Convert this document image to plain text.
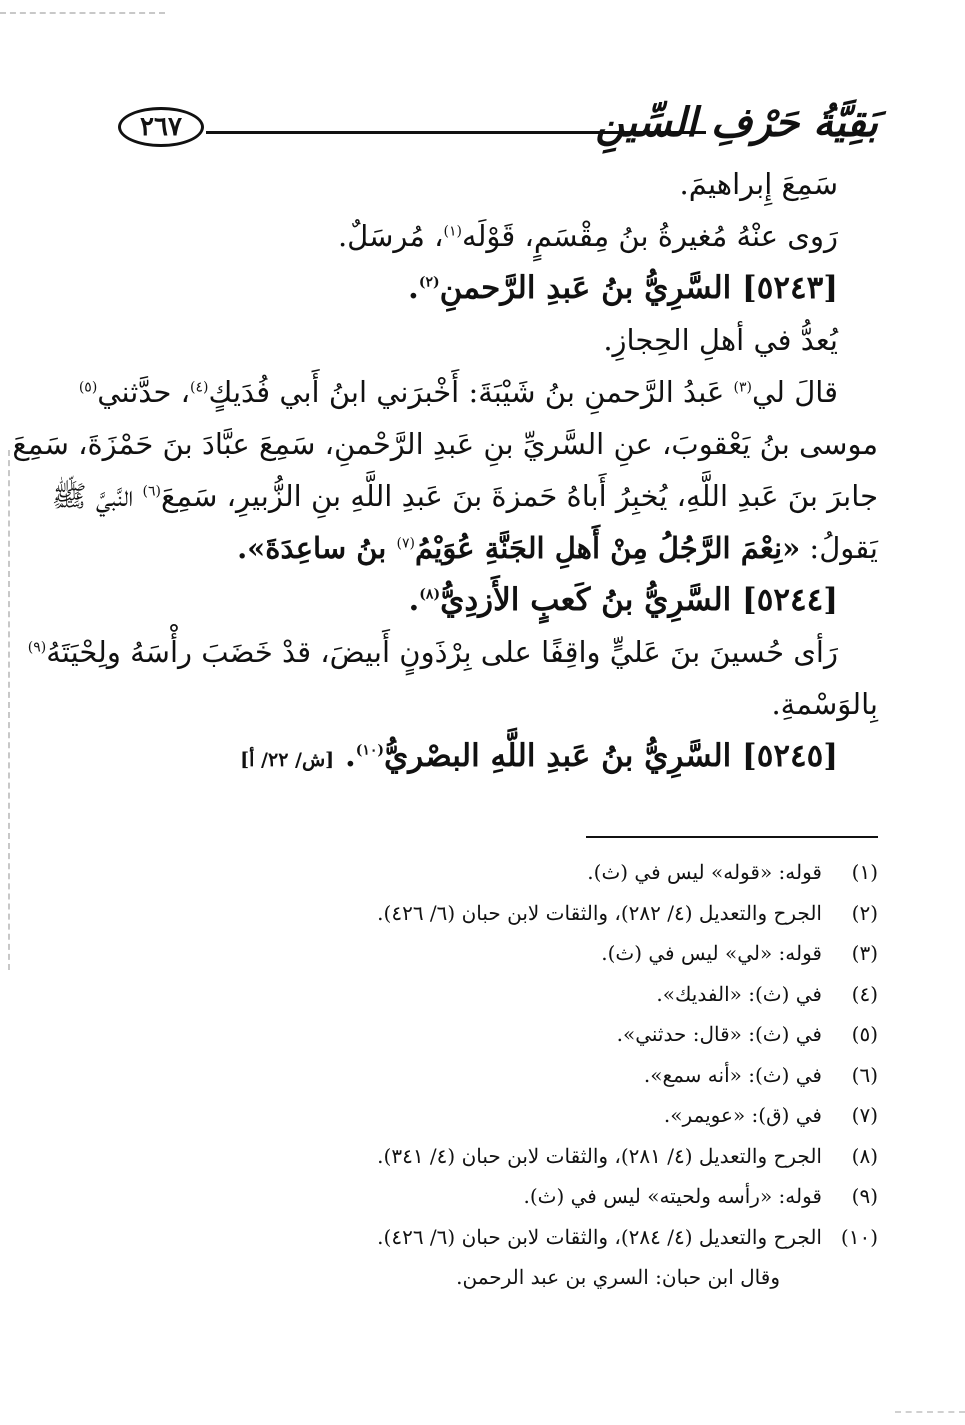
بَقِيَّةُ حَرْفِ السِّينِ
٢٦٧
سَمِعَ إِبراهيمَ.
رَوى عنْهُ مُغيرةُ بنُ مِقْسَمٍ، قَوْلَه$^{(١)}$، مُرسَلٌ.
[٥٢٤٣] السَّرِيُّ بنُ عَبدِ الرَّحمنِ$^{(٢)}$.
يُعدُّ في أهلِ الحِجازِ.
قالَ لي$^{(٣)}$ عَبدُ الرَّحمنِ بنُ شَيْبَةَ: أَخْبرَني ابنُ أَبي فُدَيكٍ$^{(٤)}$، حدَّثني$^{(٥)}$
موسى بنُ يَعْقوبَ، عنِ السَّريِّ بنِ عَبدِ الرَّحْمنِ، سَمِعَ عبَّادَ بنَ حَمْزَةَ، سَمِعَ
جابرَ بنَ عَبدِ اللَّهِ، يُخبِرُ أَباهُ حَمزةَ بنَ عَبدِ اللَّهِ بنِ الزُّبيرِ، سَمِعَ$^{(٦)}$ النَّبيَّ ﷺ
يَقولُ: «نِعْمَ الرَّجُلُ مِنْ أَهلِ الجَنَّةِ عُوَيْمُ$^{(٧)}$ بنُ ساعِدَةَ».
[٥٢٤٤] السَّرِيُّ بنُ كَعبٍ الأَزدِيُّ$^{(٨)}$.
رَأى حُسينَ بنَ عَليٍّ واقِفًا على بِرْذَونٍ أَبيضَ، قدْ خَضَبَ رأْسَهُ ولِحْيَتَهُ$^{(٩)}$
بِالوَسْمةِ.
[٥٢٤٥] السَّرِيُّ بنُ عَبدِ اللَّهِ البصْريُّ$^{(١٠)}$. [ش/ ٢٢/ أ]
(١)قوله: «قوله» ليس في (ث).
(٢)الجرح والتعديل (٤/ ٢٨٢)، والثقات لابن حبان (٦/ ٤٢٦).
(٣)قوله: «لي» ليس في (ث).
(٤)في (ث): «الفديك».
(٥)في (ث): «قال: حدثني».
(٦)في (ث): «أنه سمع».
(٧)في (ق): «عويمر».
(٨)الجرح والتعديل (٤/ ٢٨١)، والثقات لابن حبان (٤/ ٣٤١).
(٩)قوله: «رأسه ولحيته» ليس في (ث).
(١٠)الجرح والتعديل (٤/ ٢٨٤)، والثقات لابن حبان (٦/ ٤٢٦).
وقال ابن حبان: السري بن عبد الرحمن.
